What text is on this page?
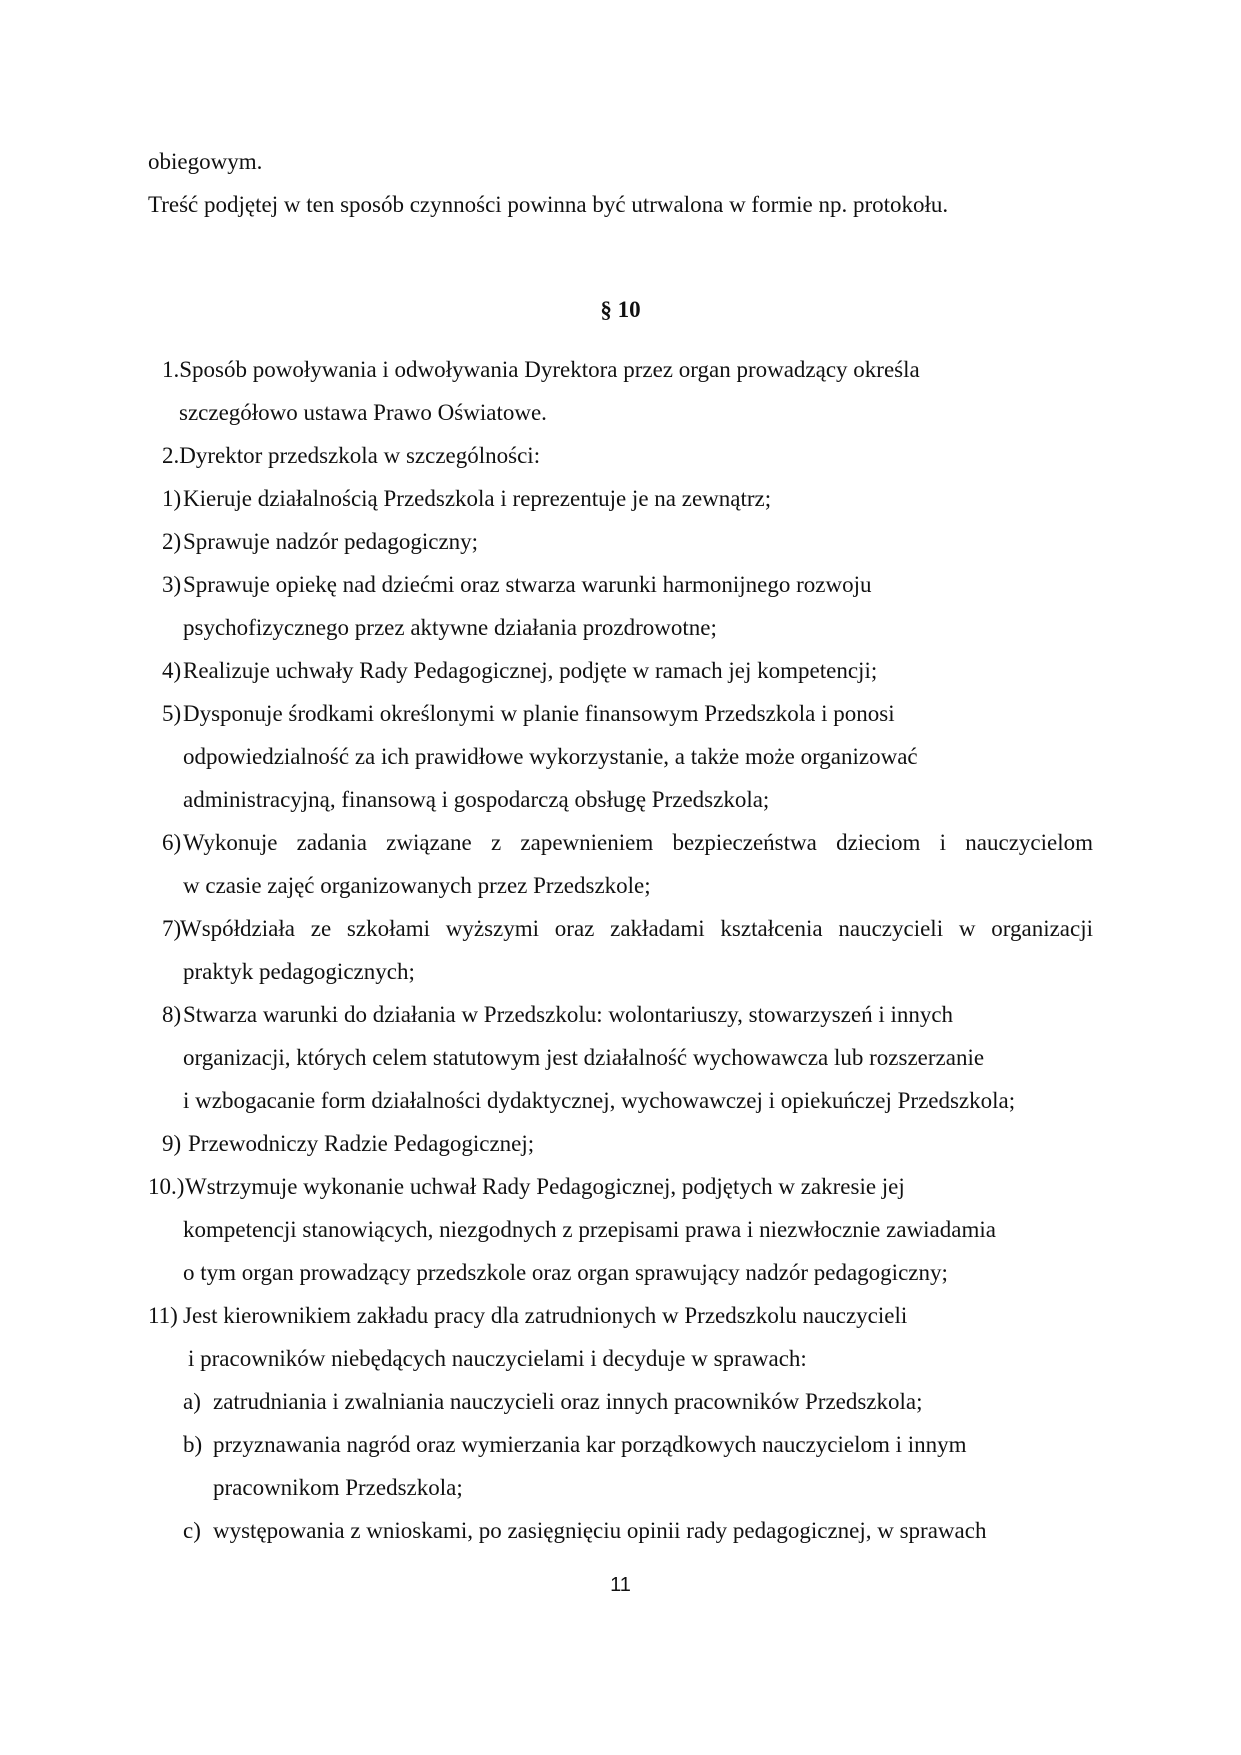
obiegowym.
Treść podjętej w ten sposób czynności powinna być utrwalona w formie np. protokołu.
§ 10
1.Sposób powoływania i odwoływania Dyrektora przez organ prowadzący określa
szczegółowo ustawa Prawo Oświatowe.
2.Dyrektor przedszkola w szczególności:
1) Kieruje działalnością Przedszkola i reprezentuje je na zewnątrz;
2) Sprawuje nadzór pedagogiczny;
3) Sprawuje opiekę nad dziećmi oraz stwarza warunki harmonijnego rozwoju
psychofizycznego przez aktywne działania prozdrowotne;
4) Realizuje uchwały Rady Pedagogicznej, podjęte w ramach jej kompetencji;
5) Dysponuje środkami określonymi w planie finansowym Przedszkola i ponosi
odpowiedzialność za ich prawidłowe wykorzystanie, a także może organizować
administracyjną, finansową i gospodarczą obsługę Przedszkola;
6) Wykonuje zadania związane z zapewnieniem bezpieczeństwa dzieciom i nauczycielom
w czasie zajęć organizowanych przez Przedszkole;
7)
Współdziała ze szkołami wyższymi oraz zakładami kształcenia nauczycieli w organizacji
praktyk pedagogicznych;
8) Stwarza warunki do działania w Przedszkolu: wolontariuszy, stowarzyszeń i innych
organizacji, których celem statutowym jest działalność wychowawcza lub rozszerzanie
i wzbogacanie form działalności dydaktycznej, wychowawczej i opiekuńczej Przedszkola;
9) Przewodniczy Radzie Pedagogicznej;
10.) Wstrzymuje wykonanie uchwał Rady Pedagogicznej, podjętych w zakresie jej
kompetencji stanowiących, niezgodnych z przepisami prawa i niezwłocznie zawiadamia
o tym organ prowadzący przedszkole oraz organ sprawujący nadzór pedagogiczny;
11) Jest kierownikiem zakładu pracy dla zatrudnionych w Przedszkolu nauczycieli
i pracowników niebędących nauczycielami i decyduje w sprawach:
a) zatrudniania i zwalniania nauczycieli oraz innych pracowników Przedszkola;
b) przyznawania nagród oraz wymierzania kar porządkowych nauczycielom i innym
pracownikom Przedszkola;
c) występowania z wnioskami, po zasięgnięciu opinii rady pedagogicznej, w sprawach
11
